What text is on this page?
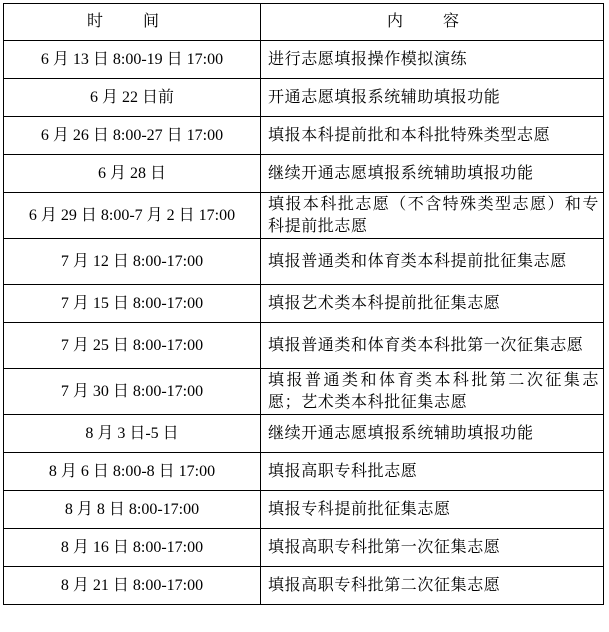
时 间	内 容
6 月 13 日 8:00-19 日 17:00	进行志愿填报操作模拟演练
6 月 22 日前	开通志愿填报系统辅助填报功能
6 月 26 日 8:00-27 日 17:00	填报本科提前批和本科批特殊类型志愿
6 月 28 日	继续开通志愿填报系统辅助填报功能
6 月 29 日 8:00-7 月 2 日 17:00	填报本科批志愿（不含特殊类型志愿）和专科提前批志愿
7 月 12 日 8:00-17:00	填报普通类和体育类本科提前批征集志愿
7 月 15 日 8:00-17:00	填报艺术类本科提前批征集志愿
7 月 25 日 8:00-17:00	填报普通类和体育类本科批第一次征集志愿
7 月 30 日 8:00-17:00	填报普通类和体育类本科批第二次征集志愿；艺术类本科批征集志愿
8 月 3 日-5 日	继续开通志愿填报系统辅助填报功能
8 月 6 日 8:00-8 日 17:00	填报高职专科批志愿
8 月 8 日 8:00-17:00	填报专科提前批征集志愿
8 月 16 日 8:00-17:00	填报高职专科批第一次征集志愿
8 月 21 日 8:00-17:00	填报高职专科批第二次征集志愿
